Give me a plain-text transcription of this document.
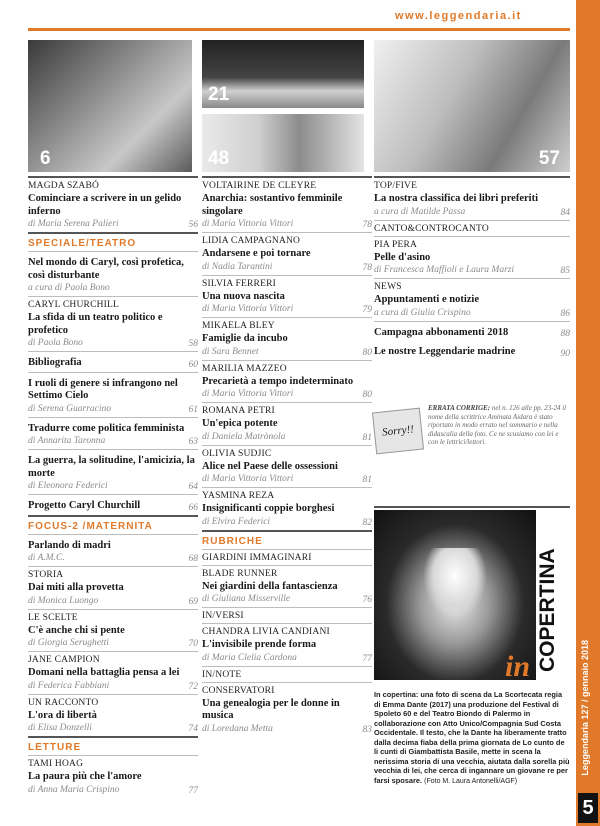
www.leggendaria.it
Leggendaria 127 / gennaio 2018
5
6
21
48	57
MAGDA SZABÓ
Cominciare a scrivere in un gelido inferno
di Maria Serena Palieri	56
SPECIALE/TEATRO
Nel mondo di Caryl, così profetica, così disturbante
a cura di Paola Bono
CARYL CHURCHILL
La sfida di un teatro politico e profetico
di Paola Bono	58
Bibliografia	60
I ruoli di genere si infrangono nel Settimo Cielo
di Serena Guarracino	61
Tradurre come politica femminista
di Annarita Taronna	63
La guerra, la solitudine, l'amicizia, la morte
di Eleonora Federici	64
Progetto Caryl Churchill	66
FOCUS-2 /MATERNITA
Parlando di madri
di A.M.C.	68
STORIA
Dai miti alla provetta
di Monica Luongo	69
LE SCELTE
C'è anche chi si pente
di Giorgia Serughetti	70
JANE CAMPION
Domani nella battaglia pensa a lei
di Federica Fabbiani	72
UN RACCONTO
L'ora di libertà
di Elisa Donzelli	74
LETTURE
TAMI HOAG
La paura più che l'amore
di Anna Maria Crispino	77
VOLTAIRINE DE CLEYRE
Anarchia: sostantivo femminile singolare
di Maria Vittoria Vittori	78
LIDIA CAMPAGNANO
Andarsene e poi tornare
di Nadia Tarantini	78
SILVIA FERRERI
Una nuova nascita
di Maria Vittoria Vittori	79
MIKAELA BLEY
Famiglie da incubo
di Sara Bennet	80
MARILIA MAZZEO
Precarietà a tempo indeterminato
di Maria Vittoria Vittori	80
ROMANA PETRI
Un'epica potente
di Daniela Matrònola	81
OLIVIA SUDJIC
Alice nel Paese delle ossessioni
di Maria Vittoria Vittori	81
YASMINA REZA
Insignificanti coppie borghesi
di Elvira Federici	82
RUBRICHE
GIARDINI IMMAGINARI
BLADE RUNNER
Nei giardini della fantascienza
di Giuliana Misserville	76
IN/VERSI
CHANDRA LIVIA CANDIANI
L'invisibile prende forma
di Maria Clelia Cardona	77
IN/NOTE
CONSERVATORI
Una genealogia per le donne in musica
di Loredana Metta	83
TOP/FIVE
La nostra classifica dei libri preferiti
a cura di Matilde Passa	84
CANTO&CONTROCANTO
PIA PERA
Pelle d'asino
di Francesca Maffioli e Laura Marzi	85
NEWS
Appuntamenti e notizie
a cura di Giulia Crispino	86
Campagna abbonamenti 2018	88
Le nostre Leggendarie madrine	90
Sorry!!
ERRATA CORRIGE: nel n. 126 alle pp. 23-24 il nome della scrittrice Aminata Aidara è stato riportato in modo errato nel sommario e nella didascalia della foto. Ce ne scusiamo con lei e con le lettrici/lettori.
COPERTINA
in
In copertina: una foto di scena da La Scortecata regia di Emma Dante (2017) una produzione del Festival di Spoleto 60 e del Teatro Biondo di Palermo in collaborazione con Atto Unico/Compagnia Sud Costa Occidentale. Il testo, che la Dante ha liberamente tratto dalla decima fiaba della prima giornata de Lo cunto de li cunti di Giambattista Basile, mette in scena la nerissima storia di una vecchia, aiutata dalla sorella più vecchia di lei, che cerca di ingannare un giovane re per farsi sposare. (Foto M. Laura Antonelli/AGF)
